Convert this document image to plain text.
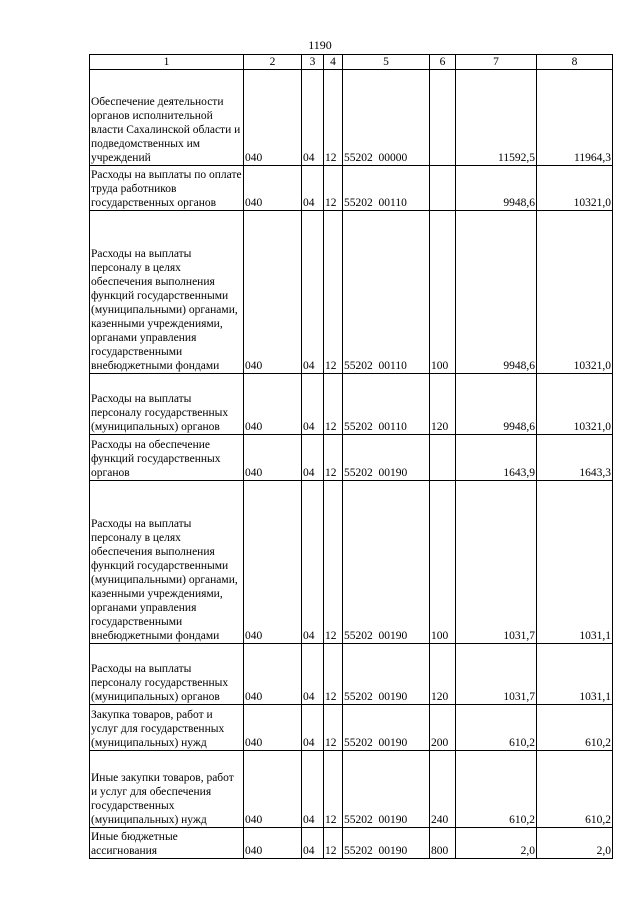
1190
1	2	3	4	5	6	7	8
Обеспечение деятельности органов исполнительной власти Сахалинской области и подведомственных им учреждений	040	04	12	55202  00000		11592,5	11964,3
Расходы на выплаты по оплате труда работников государственных органов	040	04	12	55202  00110		9948,6	10321,0
Расходы на выплаты персоналу в целях обеспечения выполнения функций государственными (муниципальными) органами, казенными учреждениями, органами управления государственными внебюджетными фондами	040	04	12	55202  00110	100	9948,6	10321,0
Расходы на выплаты персоналу государственных (муниципальных) органов	040	04	12	55202  00110	120	9948,6	10321,0
Расходы на обеспечение функций государственных органов	040	04	12	55202  00190		1643,9	1643,3
Расходы на выплаты персоналу в целях обеспечения выполнения функций государственными (муниципальными) органами, казенными учреждениями, органами управления государственными внебюджетными фондами	040	04	12	55202  00190	100	1031,7	1031,1
Расходы на выплаты персоналу государственных (муниципальных) органов	040	04	12	55202  00190	120	1031,7	1031,1
Закупка товаров, работ и услуг для государственных (муниципальных) нужд	040	04	12	55202  00190	200	610,2	610,2
Иные закупки товаров, работ и услуг для обеспечения государственных (муниципальных) нужд	040	04	12	55202  00190	240	610,2	610,2
Иные бюджетные ассигнования	040	04	12	55202  00190	800	2,0	2,0
